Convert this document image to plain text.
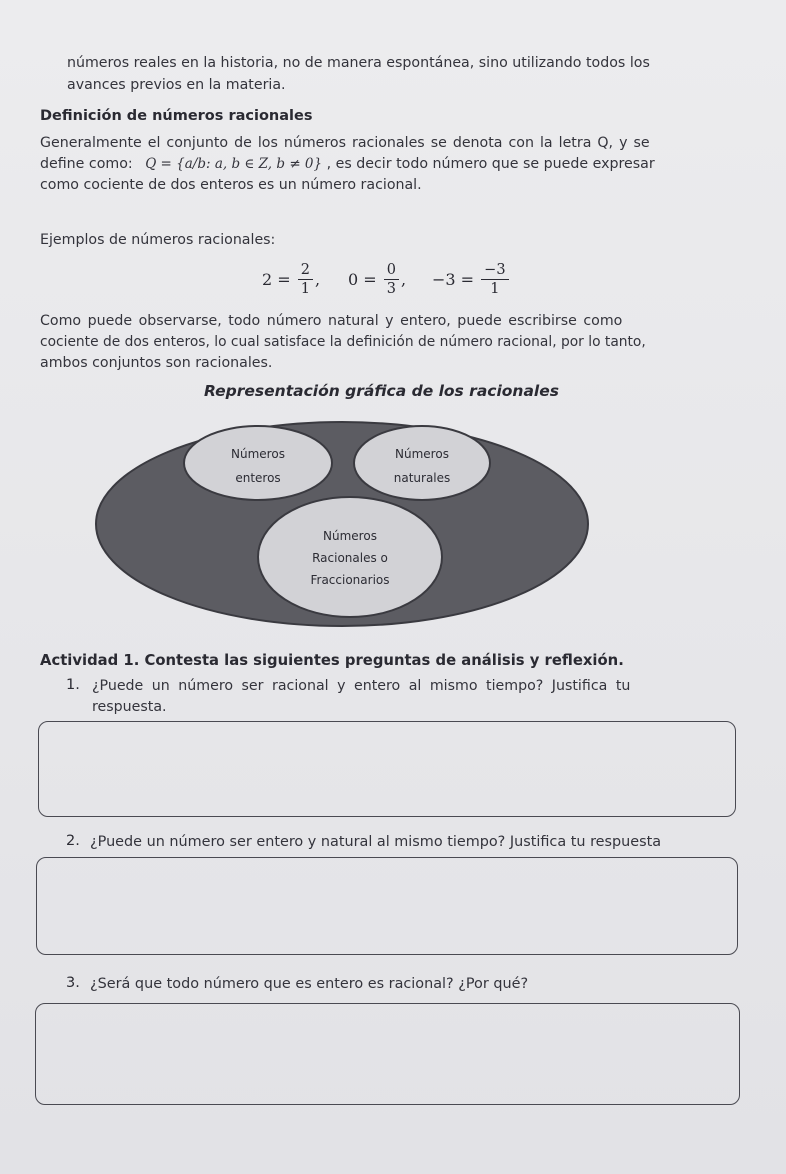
números reales en la historia, no de manera espontánea, sino utilizando todos los
avances previos en la materia.
Definición de números racionales
Generalmente el conjunto de los números racionales se denota con la letra Q, y se
define como: Q = {a/b: a, b ∈ Z, b ≠ 0} , es decir todo número que se puede expresar
como cociente de dos enteros es un número racional.
Ejemplos de números racionales:
$2 = \frac{2}{1}$ , $0 = \frac{0}{3}$ , $-3 = \frac{-3}{1}$
Como puede observarse, todo número natural y entero, puede escribirse como
cociente de dos enteros, lo cual satisface la definición de número racional, por lo tanto,
ambos conjuntos son racionales.
Representación gráfica de los racionales
Números
enteros
Números
naturales
Números
Racionales o
Fraccionarios
Actividad 1. Contesta las siguientes preguntas de análisis y reflexión.
1. ¿Puede un número ser racional y entero al mismo tiempo? Justifica tu
respuesta.
2. ¿Puede un número ser entero y natural al mismo tiempo? Justifica tu respuesta
3. ¿Será que todo número que es entero es racional? ¿Por qué?
